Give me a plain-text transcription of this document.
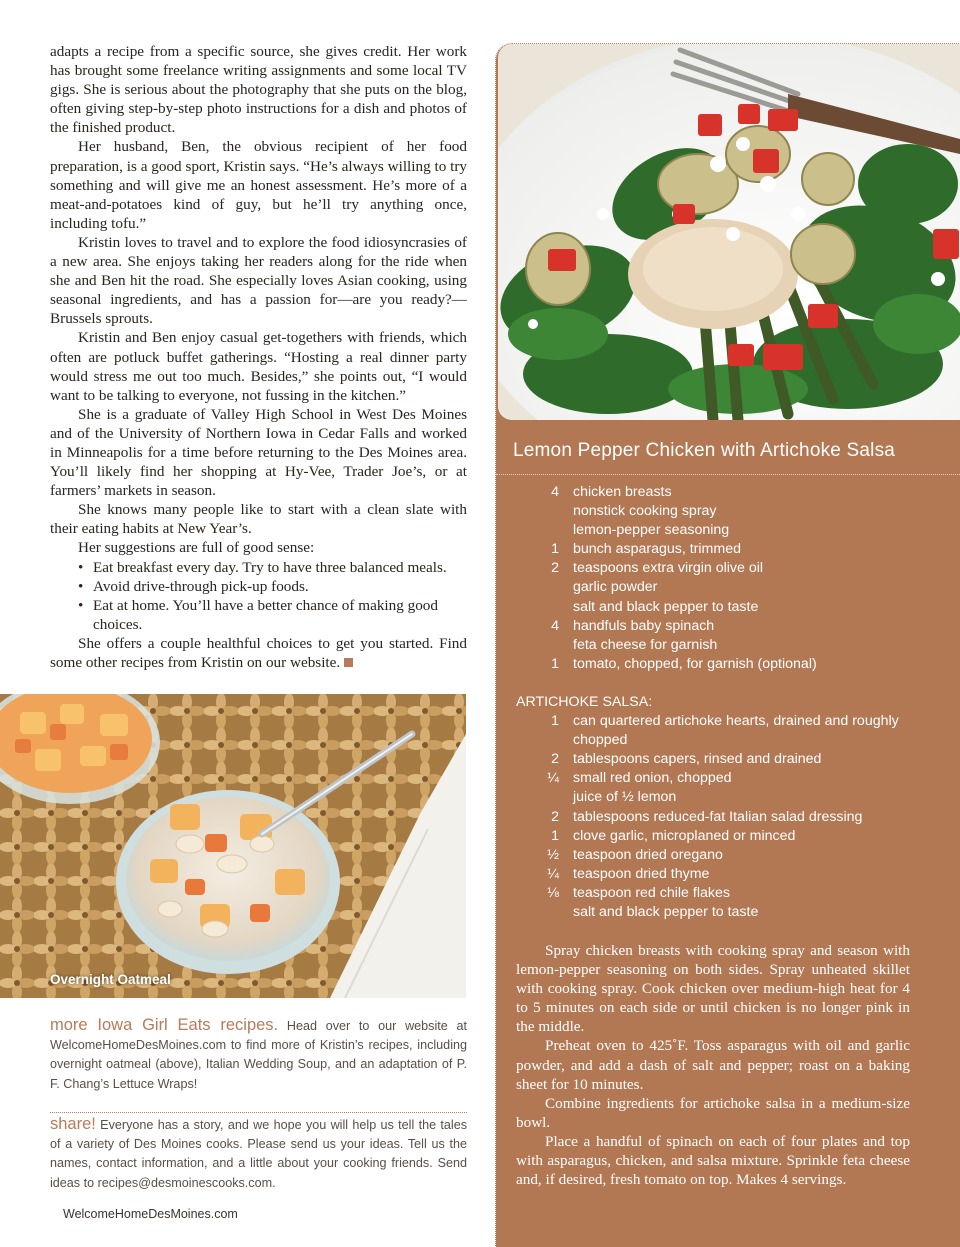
adapts a recipe from a specific source, she gives credit. Her work has brought some freelance writing assignments and some local TV gigs. She is serious about the photography that she puts on the blog, often giving step-by-step photo instructions for a dish and photos of the finished product.

Her husband, Ben, the obvious recipient of her food preparation, is a good sport, Kristin says. “He’s always willing to try something and will give me an honest assessment. He’s more of a meat-and-potatoes kind of guy, but he’ll try anything once, including tofu.”

Kristin loves to travel and to explore the food idiosyncrasies of a new area. She enjoys taking her readers along for the ride when she and Ben hit the road. She especially loves Asian cooking, using seasonal ingredients, and has a passion for—are you ready?—Brussels sprouts.

Kristin and Ben enjoy casual get-togethers with friends, which often are potluck buffet gatherings. “Hosting a real dinner party would stress me out too much. Besides,” she points out, “I would want to be talking to everyone, not fussing in the kitchen.”

She is a graduate of Valley High School in West Des Moines and of the University of Northern Iowa in Cedar Falls and worked in Minneapolis for a time before returning to the Des Moines area. You’ll likely find her shopping at Hy-Vee, Trader Joe’s, or at farmers’ markets in season.

She knows many people like to start with a clean slate with their eating habits at New Year’s.

Her suggestions are full of good sense:

• Eat breakfast every day. Try to have three balanced meals.
• Avoid drive-through pick-up foods.
• Eat at home. You’ll have a better chance of making good choices.

She offers a couple healthful choices to get you started. Find some other recipes from Kristin on our website.

Overnight Oatmeal
more Iowa Girl Eats recipes. Head over to our website at WelcomeHomeDesMoines.com to find more of Kristin’s recipes, including overnight oatmeal (above), Italian Wedding Soup, and an adaptation of P. F. Chang’s Lettuce Wraps!
share! Everyone has a story, and we hope you will help us tell the tales of a variety of Des Moines cooks. Please send us your ideas. Tell us the names, contact information, and a little about your cooking friends. Send ideas to recipes@desmoinescooks.com.
WelcomeHomeDesMoines.com
Lemon Pepper Chicken with Artichoke Salsa
4 chicken breasts
nonstick cooking spray
lemon-pepper seasoning
1 bunch asparagus, trimmed
2 teaspoons extra virgin olive oil
garlic powder
salt and black pepper to taste
4 handfuls baby spinach
feta cheese for garnish
1 tomato, chopped, for garnish (optional)
ARTICHOKE SALSA:
1 can quartered artichoke hearts, drained and roughly chopped
2 tablespoons capers, rinsed and drained
¼ small red onion, chopped
juice of ½ lemon
2 tablespoons reduced-fat Italian salad dressing
1 clove garlic, microplaned or minced
½ teaspoon dried oregano
¼ teaspoon dried thyme
⅛ teaspoon red chile flakes
salt and black pepper to taste

Spray chicken breasts with cooking spray and season with lemon-pepper seasoning on both sides. Spray unheated skillet with cooking spray. Cook chicken over medium-high heat for 4 to 5 minutes on each side or until chicken is no longer pink in the middle.

Preheat oven to 425˚F. Toss asparagus with oil and garlic powder, and add a dash of salt and pepper; roast on a baking sheet for 10 minutes.

Combine ingredients for artichoke salsa in a medium-size bowl.

Place a handful of spinach on each of four plates and top with asparagus, chicken, and salsa mixture. Sprinkle feta cheese and, if desired, fresh tomato on top. Makes 4 servings.
